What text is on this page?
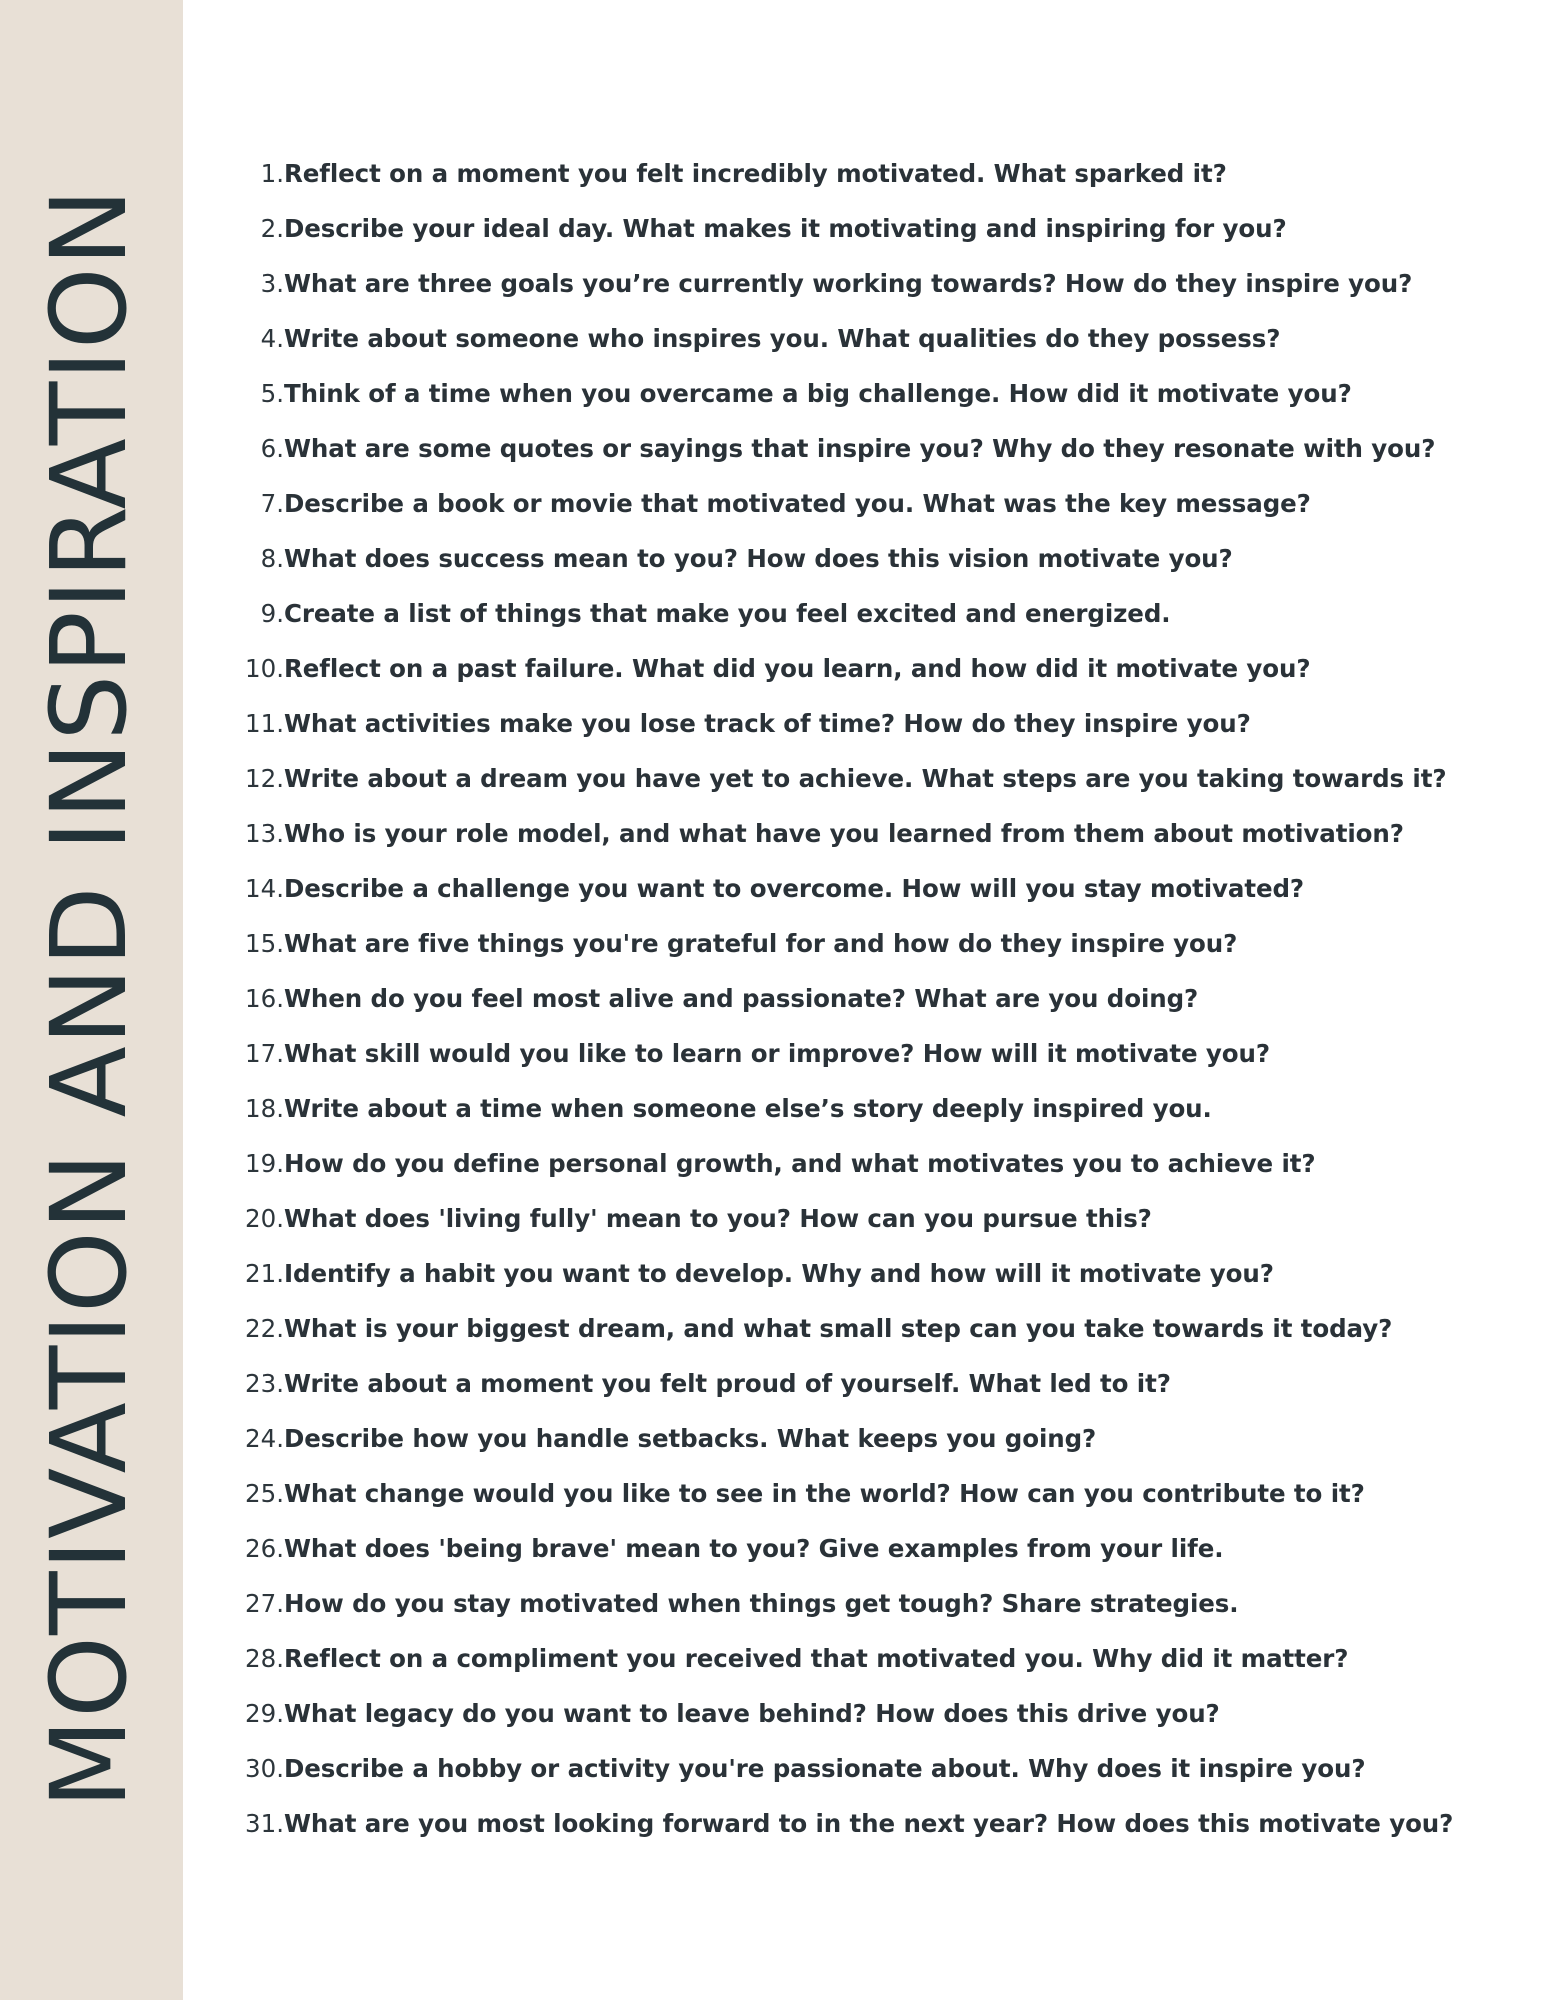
MOTIVATION AND INSPIRATION
1. Reflect on a moment you felt incredibly motivated. What sparked it?
2. Describe your ideal day. What makes it motivating and inspiring for you?
3. What are three goals you’re currently working towards? How do they inspire you?
4. Write about someone who inspires you. What qualities do they possess?
5. Think of a time when you overcame a big challenge. How did it motivate you?
6. What are some quotes or sayings that inspire you? Why do they resonate with you?
7. Describe a book or movie that motivated you. What was the key message?
8. What does success mean to you? How does this vision motivate you?
9. Create a list of things that make you feel excited and energized.
10. Reflect on a past failure. What did you learn, and how did it motivate you?
11. What activities make you lose track of time? How do they inspire you?
12. Write about a dream you have yet to achieve. What steps are you taking towards it?
13. Who is your role model, and what have you learned from them about motivation?
14. Describe a challenge you want to overcome. How will you stay motivated?
15. What are five things you're grateful for and how do they inspire you?
16. When do you feel most alive and passionate? What are you doing?
17. What skill would you like to learn or improve? How will it motivate you?
18. Write about a time when someone else’s story deeply inspired you.
19. How do you define personal growth, and what motivates you to achieve it?
20. What does 'living fully' mean to you? How can you pursue this?
21. Identify a habit you want to develop. Why and how will it motivate you?
22. What is your biggest dream, and what small step can you take towards it today?
23. Write about a moment you felt proud of yourself. What led to it?
24. Describe how you handle setbacks. What keeps you going?
25. What change would you like to see in the world? How can you contribute to it?
26. What does 'being brave' mean to you? Give examples from your life.
27. How do you stay motivated when things get tough? Share strategies.
28. Reflect on a compliment you received that motivated you. Why did it matter?
29. What legacy do you want to leave behind? How does this drive you?
30. Describe a hobby or activity you're passionate about. Why does it inspire you?
31. What are you most looking forward to in the next year? How does this motivate you?
